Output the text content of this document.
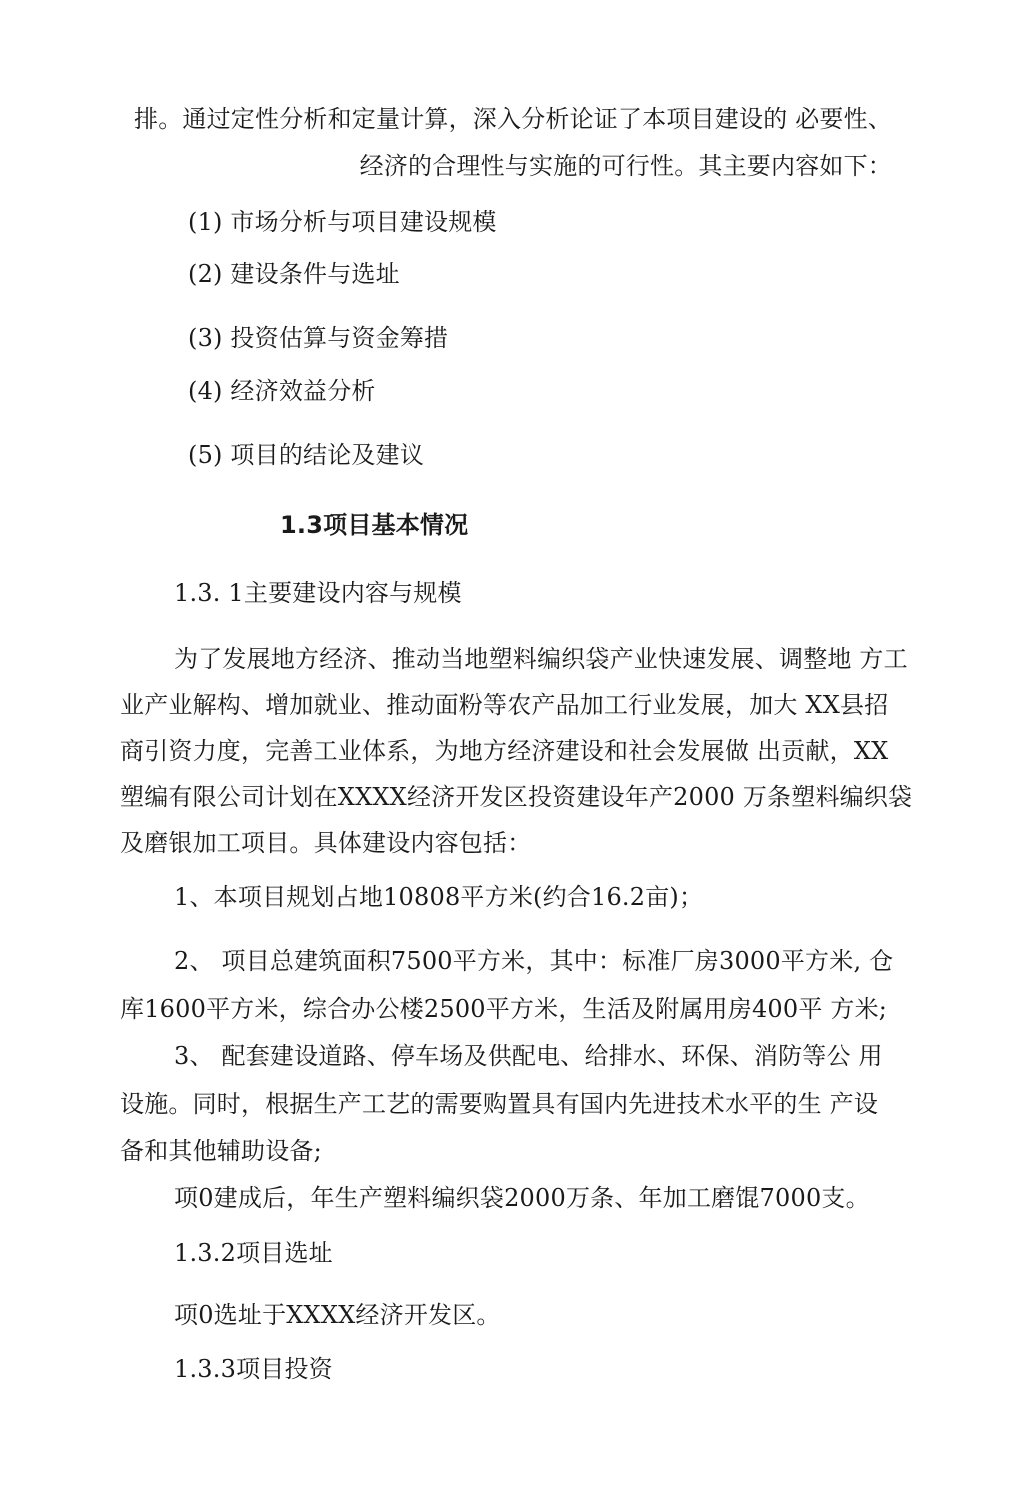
排。通过定性分析和定量计算，深入分析论证了本项目建设的 必要性、
经济的合理性与实施的可行性。其主要内容如下：
(1) 市场分析与项目建设规模
(2) 建设条件与选址
(3) 投资估算与资金筹措
(4) 经济效益分析
(5) 项目的结论及建议
1.3项目基本情况
1.3. 1主要建设内容与规模
为了发展地方经济、推动当地塑料编织袋产业快速发展、调整地 方工
业产业解构、增加就业、推动面粉等农产品加工行业发展，加大 XX县招
商引资力度，完善工业体系，为地方经济建设和社会发展做 出贡献，XX
塑编有限公司计划在XXXX经济开发区投资建设年产2000 万条塑料编织袋
及磨银加工项目。具体建设内容包括：
1、本项目规划占地10808平方米(约合16.2亩)；
2、 项目总建筑面积7500平方米，其中：标准厂房3000平方米, 仓
库1600平方米，综合办公楼2500平方米，生活及附属用房400平 方米;
3、 配套建设道路、停车场及供配电、给排水、环保、消防等公 用
设施。同时，根据生产工艺的需要购置具有国内先进技术水平的生 产设
备和其他辅助设备;
项0建成后，年生产塑料编织袋2000万条、年加工磨馄7000支。
1.3.2项目选址
项0选址于XXXX经济开发区。
1.3.3项目投资
